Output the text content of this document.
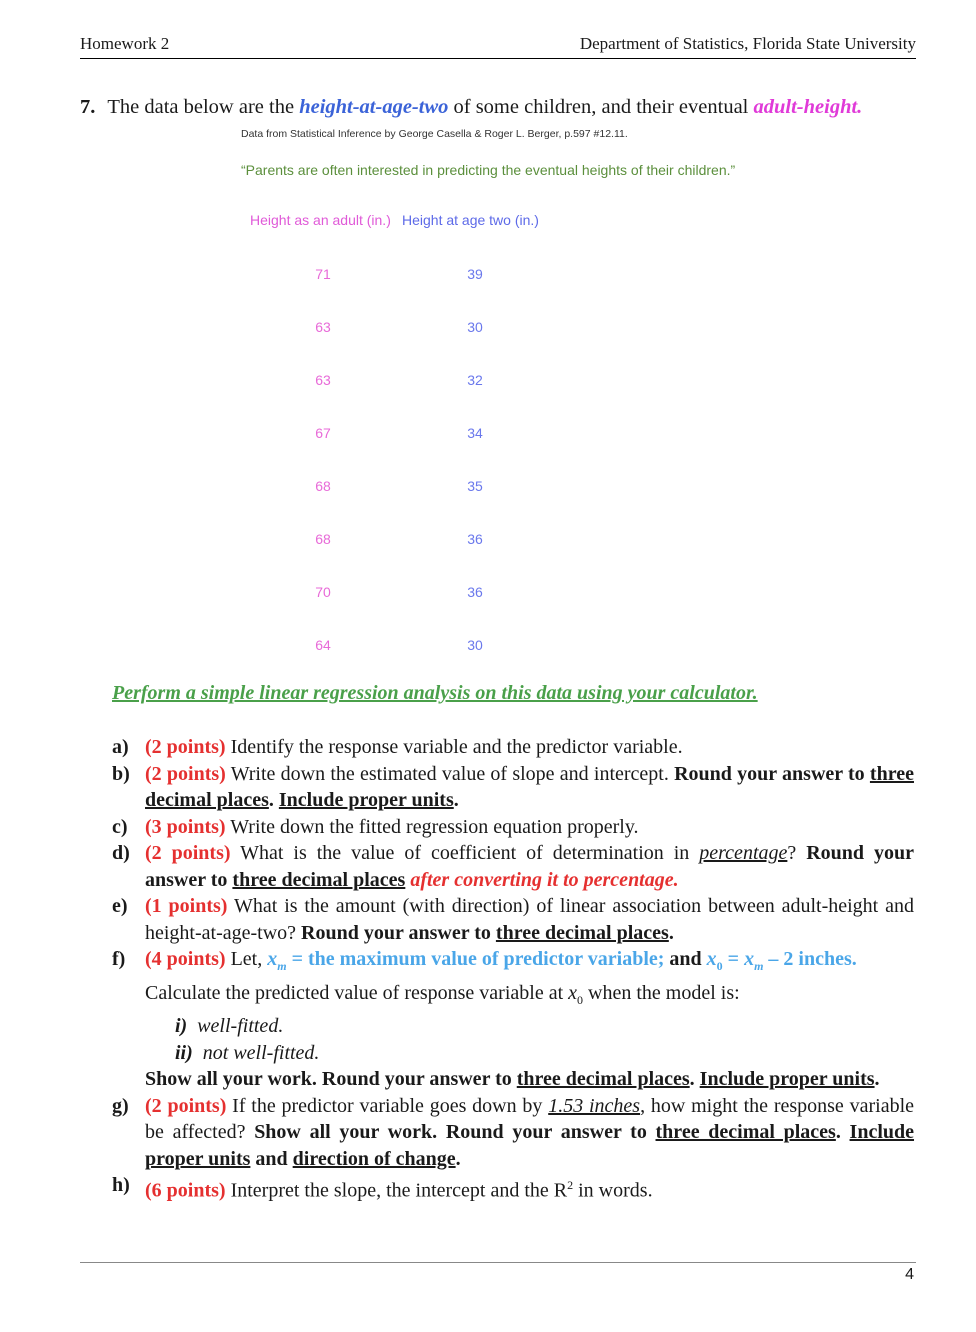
Homework 2	Department of Statistics, Florida State University
7. The data below are the height-at-age-two of some children, and their eventual adult-height.
Data from Statistical Inference by George Casella & Roger L. Berger, p.597 #12.11.
“Parents are often interested in predicting the eventual heights of their children.”
Height as an adult (in.) Height at age two (in.)
71	39
63	30
63	32
67	34
68	35
68	36
70	36
64	30
Perform a simple linear regression analysis on this data using your calculator.
a) (2 points) Identify the response variable and the predictor variable.
b) (2 points) Write down the estimated value of slope and intercept. Round your answer to three decimal places. Include proper units.
c) (3 points) Write down the fitted regression equation properly.
d) (2 points) What is the value of coefficient of determination in percentage? Round your answer to three decimal places after converting it to percentage.
e) (1 points) What is the amount (with direction) of linear association between adult-height and height-at-age-two? Round your answer to three decimal places.
f) (4 points) Let, $x_m$ = the maximum value of predictor variable; and $x_0 = x_m - 2$ inches.
Calculate the predicted value of response variable at $x_0$ when the model is:
i) well-fitted.
ii) not well-fitted.
Show all your work. Round your answer to three decimal places. Include proper units.
g) (2 points) If the predictor variable goes down by 1.53 inches, how might the response variable be affected? Show all your work. Round your answer to three decimal places. Include proper units and direction of change.
h) (6 points) Interpret the slope, the intercept and the $R^2$ in words.
4
